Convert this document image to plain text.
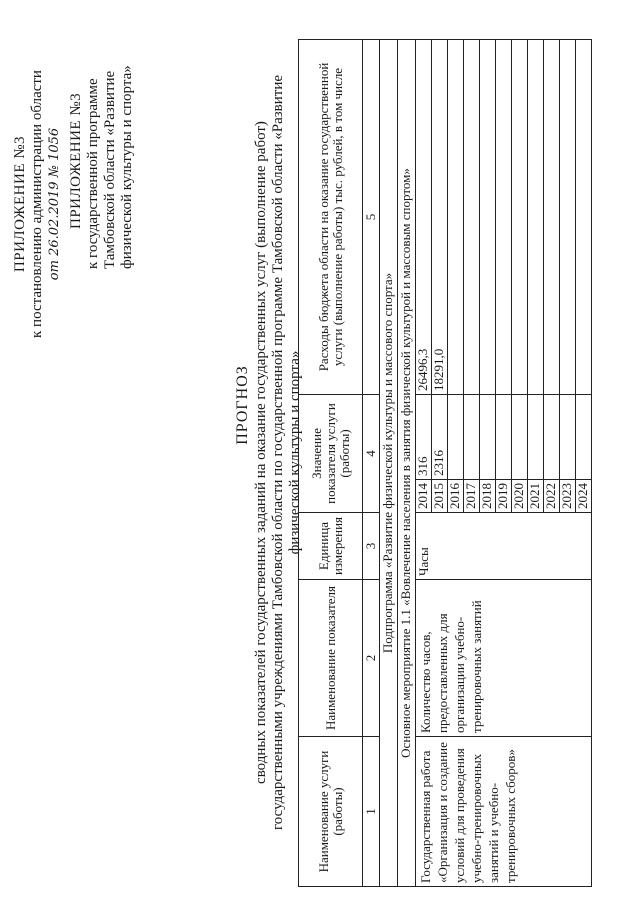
ПРИЛОЖЕНИЕ №3 к постановлению администрации области от 26.02.2019 № 1056 ПРИЛОЖЕНИЕ №3 к государственной программе Тамбовской области «Развитие физической культуры и спорта»
ПРОГНОЗ сводных показателей государственных заданий на оказание государственных услуг (выполнение работ) государственными учреждениями Тамбовской области по государственной программе Тамбовской области «Развитие физической культуры и спорта»
Наименование услуги (работы)	Наименование показателя	Единица измерения	Значение показателя услуги (работы)		Расходы бюджета области на оказание государственной услуги (выполнение работы) тыс. рублей, в том числе
1	2	3	4		5
Подпрограмма «Развитие физической культуры и массового спорта»					
Основное мероприятие 1.1 «Вовлечение населения в занятия физической культурой и массовым спортом»					
Государственная работа «Организация и создание условий для проведения учебно-тренировочных занятий и учебно-тренировочных сборов»	Количество часов, предоставленных для организации учебно-тренировочных занятий	Часы	2014	316	26496,3
			2015	2316	18291,0
			2016		
			2017		
			2018		
			2019		
			2020		
			2021		
			2022		
			2023		
			2024		
